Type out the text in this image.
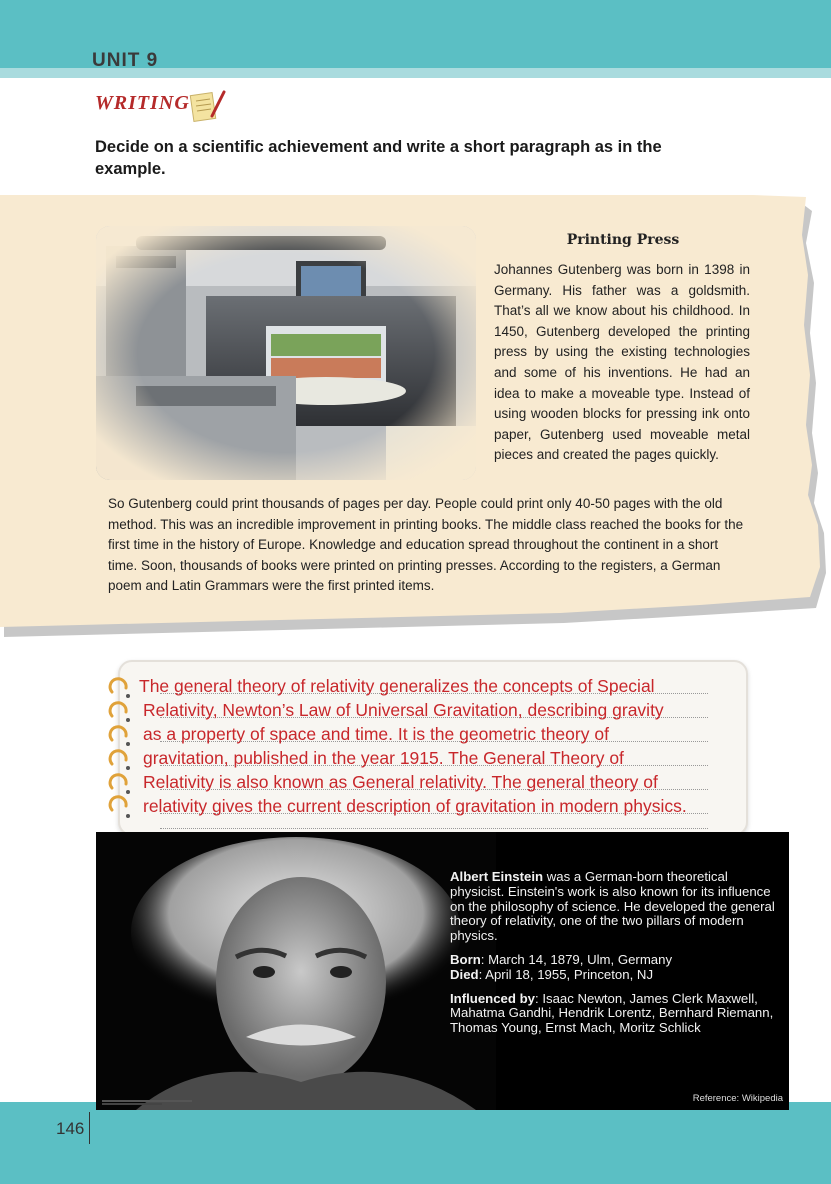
UNIT 9
WRITING
Decide on a scientific achievement and write a short paragraph as in the example.
Printing Press
Johannes Gutenberg was born in 1398 in Germany. His father was a goldsmith. That’s all we know about his childhood. In 1450, Gutenberg developed the printing press by using the existing technologies and some of his inventions. He had an idea to make a moveable type. Instead of using wooden blocks for pressing ink onto paper, Gutenberg used moveable metal pieces and created the pages quickly.
So Gutenberg could print thousands of pages per day. People could print only 40-50 pages with the old method. This was an incredible improvement in printing books. The middle class reached the books for the first time in the history of Europe. Knowledge and education spread throughout the continent in a short time. Soon, thousands of books were printed on printing presses. According to the registers, a German poem and Latin Grammars were the first printed items.
The general theory of relativity generalizes the concepts of Special
Relativity, Newton’s Law of Universal Gravitation, describing gravity
as a property of space and time. It is the geometric theory of
gravitation, published in the year 1915. The General Theory of
Relativity is also known as General relativity. The general theory of
relativity gives the current description of gravitation in modern physics.

Albert Einstein was a German-born theoretical physicist. Einstein's work is also known for its influence on the philosophy of science. He developed the general theory of relativity, one of the two pillars of modern physics.

Born: March 14, 1879, Ulm, Germany
Died: April 18, 1955, Princeton, NJ

Influenced by: Isaac Newton, James Clerk Maxwell, Mahatma Gandhi, Hendrik Lorentz, Bernhard Riemann, Thomas Young, Ernst Mach, Moritz Schlick

Reference: Wikipedia
146
